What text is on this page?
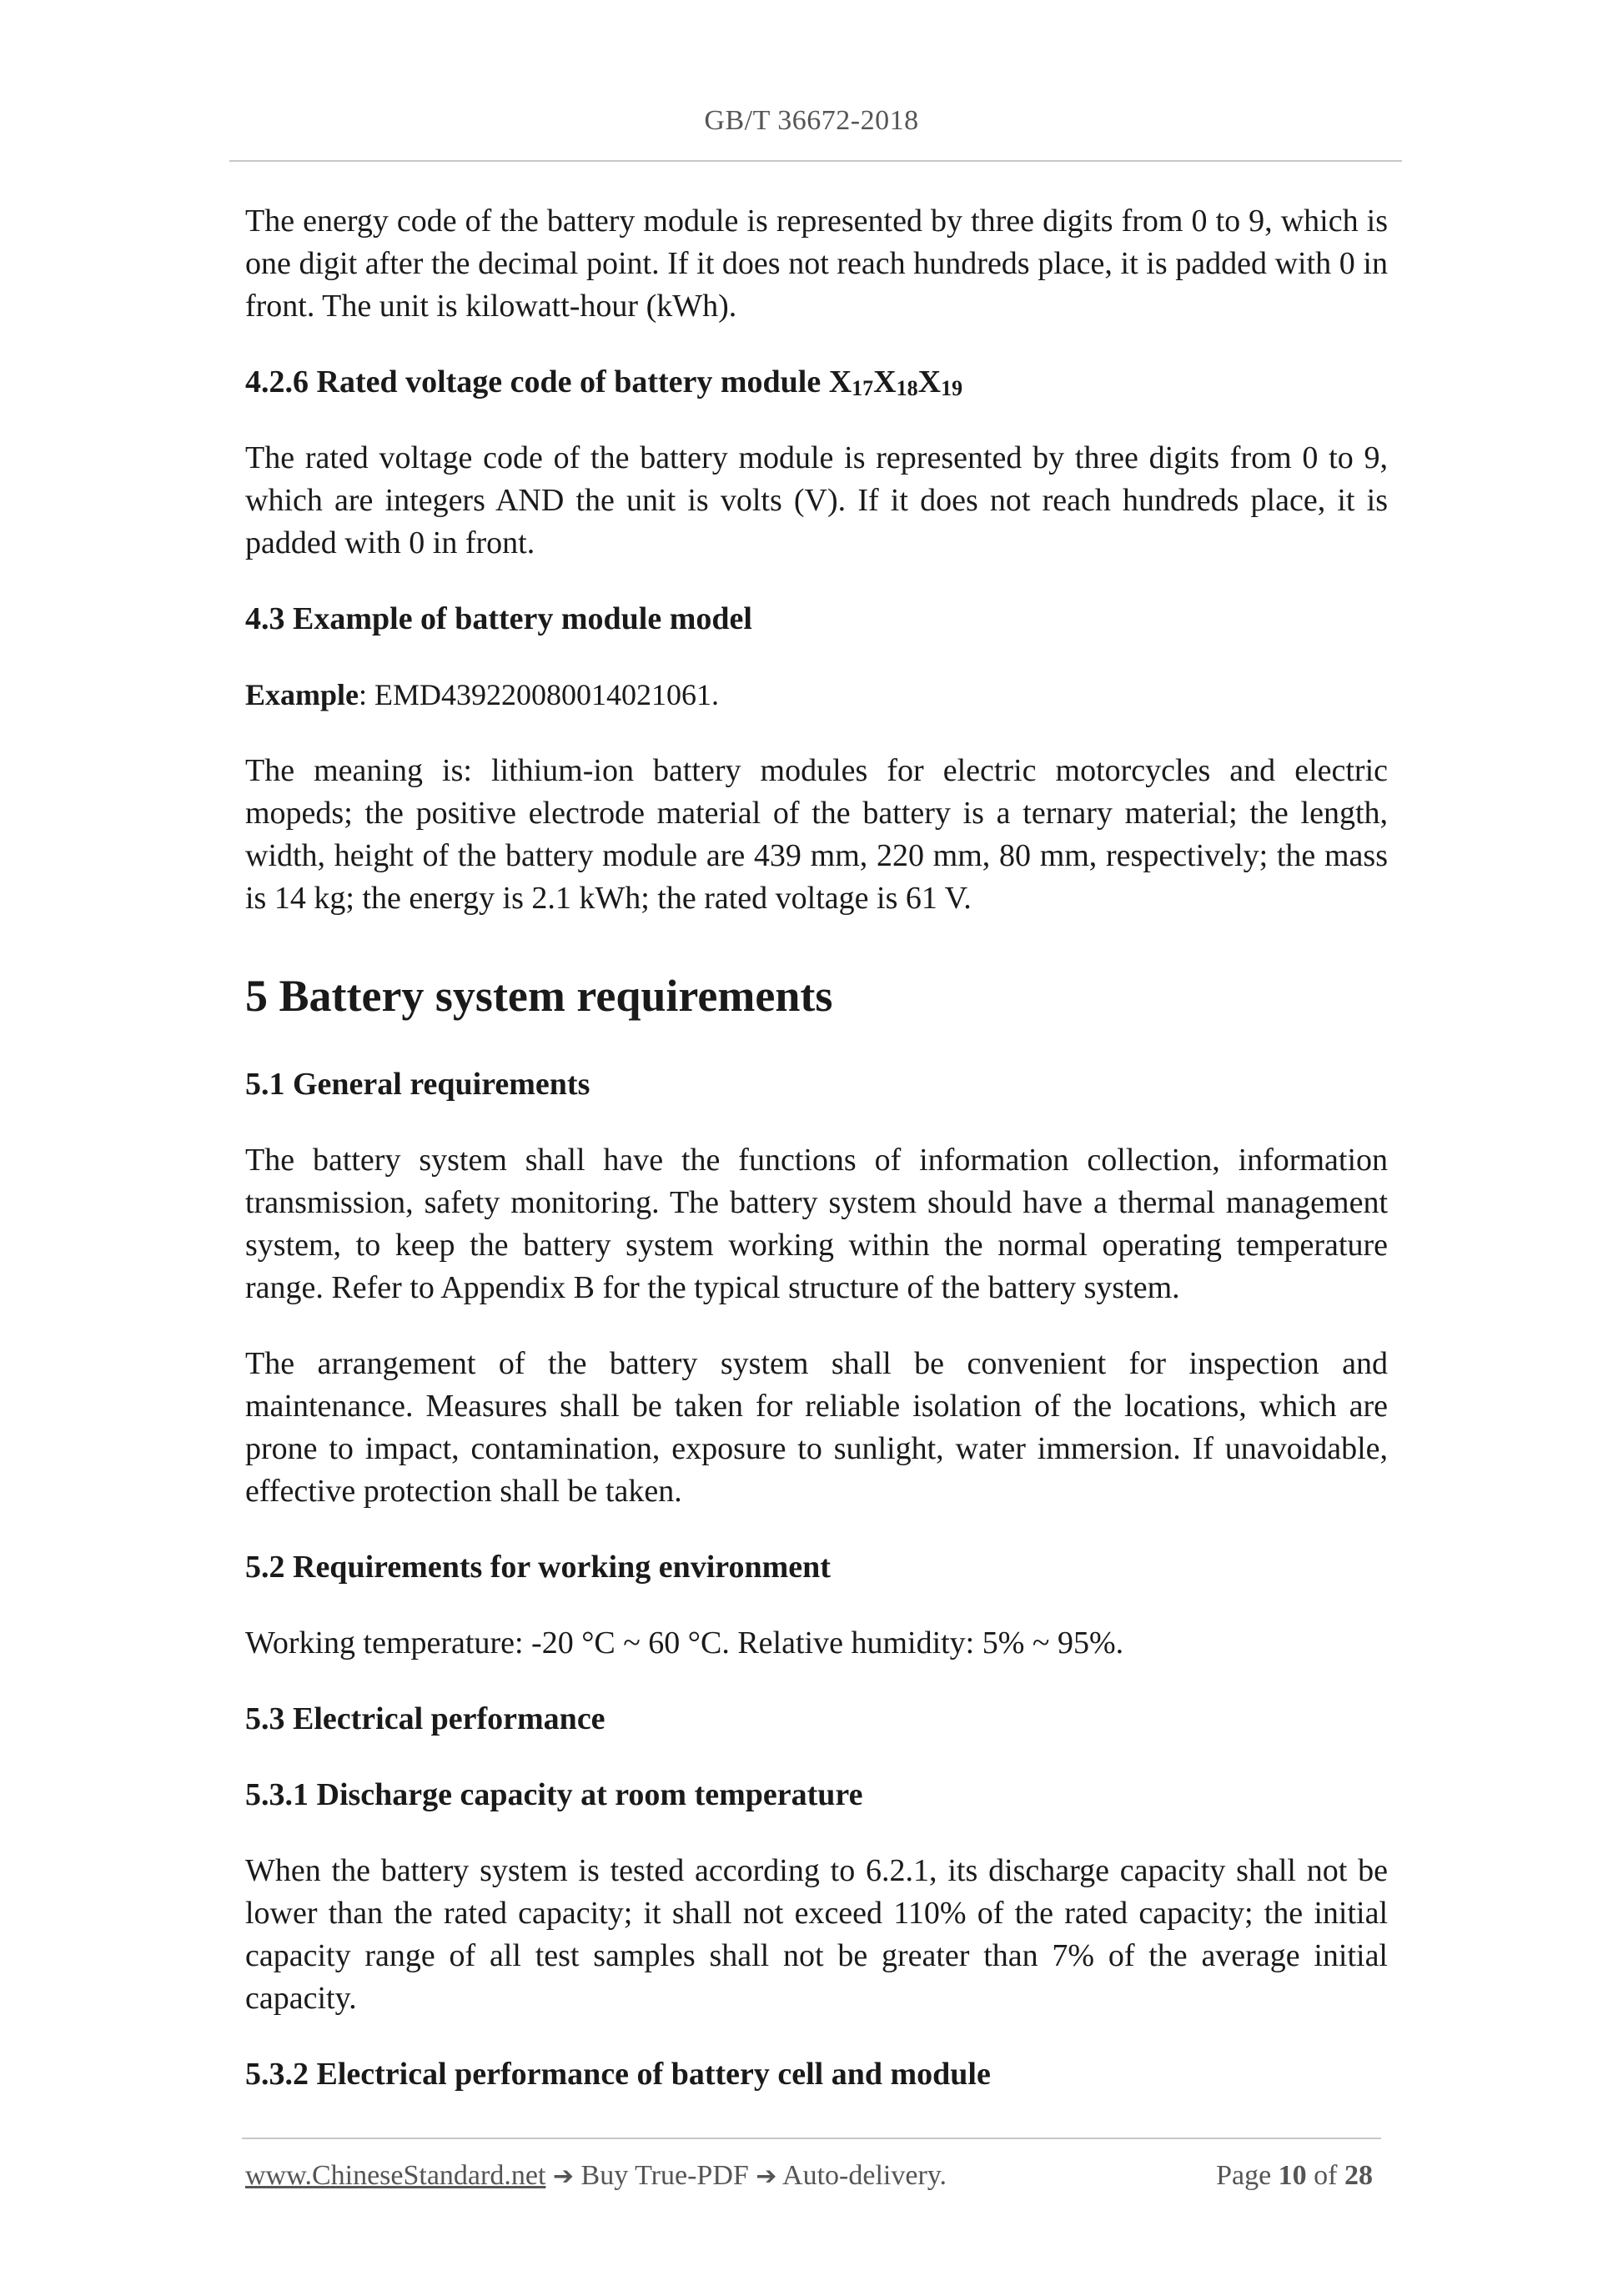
GB/T 36672-2018

The energy code of the battery module is represented by three digits from 0 to 9, which is one digit after the decimal point. If it does not reach hundreds place, it is padded with 0 in front. The unit is kilowatt-hour (kWh).

4.2.6 Rated voltage code of battery module $X_{17}X_{18}X_{19}$

The rated voltage code of the battery module is represented by three digits from 0 to 9, which are integers AND the unit is volts (V). If it does not reach hundreds place, it is padded with 0 in front.

4.3 Example of battery module model

Example: EMD439220080014021061.

The meaning is: lithium-ion battery modules for electric motorcycles and electric mopeds; the positive electrode material of the battery is a ternary material; the length, width, height of the battery module are 439 mm, 220 mm, 80 mm, respectively; the mass is 14 kg; the energy is 2.1 kWh; the rated voltage is 61 V.

5 Battery system requirements
5.1 General requirements

The battery system shall have the functions of information collection, information transmission, safety monitoring. The battery system should have a thermal management system, to keep the battery system working within the normal operating temperature range. Refer to Appendix B for the typical structure of the battery system.

The arrangement of the battery system shall be convenient for inspection and maintenance. Measures shall be taken for reliable isolation of the locations, which are prone to impact, contamination, exposure to sunlight, water immersion. If unavoidable, effective protection shall be taken.

5.2 Requirements for working environment

Working temperature: -20 °C ~ 60 °C. Relative humidity: 5% ~ 95%.

5.3 Electrical performance
5.3.1 Discharge capacity at room temperature

When the battery system is tested according to 6.2.1, its discharge capacity shall not be lower than the rated capacity; it shall not exceed 110% of the rated capacity; the initial capacity range of all test samples shall not be greater than 7% of the average initial capacity.

5.3.2 Electrical performance of battery cell and module
www.ChineseStandard.net ➔ Buy True-PDF ➔ Auto-delivery.	Page 10 of 28
